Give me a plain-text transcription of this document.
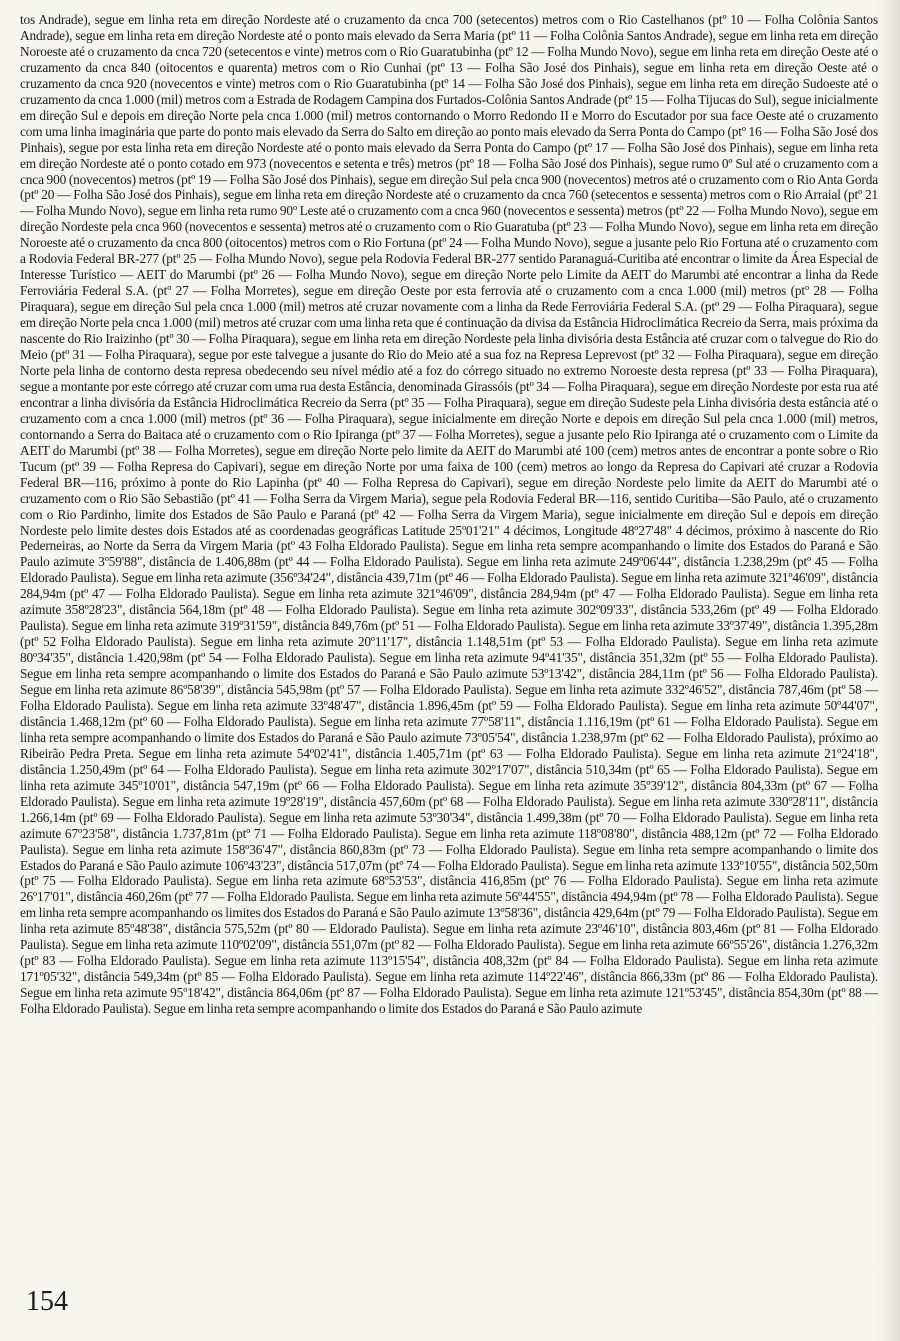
tos Andrade), segue em linha reta em direção Nordeste até o cruzamento da cnca 700 (setecentos) metros com o Rio Castelhanos (ptº 10 — Folha Colônia Santos Andrade), segue em linha reta em direção Nordeste até o ponto mais elevado da Serra Maria (ptº 11 — Folha Colônia Santos Andrade), segue em linha reta em direção Noroeste até o cruzamento da cnca 720 (setecentos e vinte) metros com o Rio Guaratubinha (ptº 12 — Folha Mundo Novo), segue em linha reta em direção Oeste até o cruzamento da cnca 840 (oitocentos e quarenta) metros com o Rio Cunhai (ptº 13 — Folha São José dos Pinhais), segue em linha reta em direção Oeste até o cruzamento da cnca 920 (novecentos e vinte) metros com o Rio Guaratubinha (ptº 14 — Folha São José dos Pinhais), segue em linha reta em direção Sudoeste até o cruzamento da cnca 1.000 (mil) metros com a Estrada de Rodagem Campina dos Furtados-Colônia Santos Andrade (ptº 15 — Folha Tijucas do Sul), segue inicialmente em direção Sul e depois em direção Norte pela cnca 1.000 (mil) metros contornando o Morro Redondo II e Morro do Escutador por sua face Oeste até o cruzamento com uma linha imaginária que parte do ponto mais elevado da Serra do Salto em direção ao ponto mais elevado da Serra Ponta do Campo (ptº 16 — Folha São José dos Pinhais), segue por esta linha reta em direção Nordeste até o ponto mais elevado da Serra Ponta do Campo (ptº 17 — Folha São José dos Pinhais), segue em linha reta em direção Nordeste até o ponto cotado em 973 (novecentos e setenta e três) metros (ptº 18 — Folha São José dos Pinhais), segue rumo 0º Sul até o cruzamento com a cnca 900 (novecentos) metros (ptº 19 — Folha São José dos Pinhais), segue em direção Sul pela cnca 900 (novecentos) metros até o cruzamento com o Rio Anta Gorda (ptº 20 — Folha São José dos Pinhais), segue em linha reta em direção Nordeste até o cruzamento da cnca 760 (setecentos e sessenta) metros com o Rio Arraial (ptº 21 — Folha Mundo Novo), segue em linha reta rumo 90º Leste até o cruzamento com a cnca 960 (novecentos e sessenta) metros (ptº 22 — Folha Mundo Novo), segue em direção Nordeste pela cnca 960 (novecentos e sessenta) metros até o cruzamento com o Rio Guaratuba (ptº 23 — Folha Mundo Novo), segue em linha reta em direção Noroeste até o cruzamento da cnca 800 (oitocentos) metros com o Rio Fortuna (ptº 24 — Folha Mundo Novo), segue a jusante pelo Rio Fortuna até o cruzamento com a Rodovia Federal BR-277 (ptº 25 — Folha Mundo Novo), segue pela Rodovia Federal BR-277 sentido Paranaguá-Curitiba até encontrar o limite da Área Especial de Interesse Turístico — AEIT do Marumbi (ptº 26 — Folha Mundo Novo), segue em direção Norte pelo Limite da AEIT do Marumbi até encontrar a linha da Rede Ferroviária Federal S.A. (ptº 27 — Folha Morretes), segue em direção Oeste por esta ferrovia até o cruzamento com a cnca 1.000 (mil) metros (ptº 28 — Folha Piraquara), segue em direção Sul pela cnca 1.000 (mil) metros até cruzar novamente com a linha da Rede Ferroviária Federal S.A. (ptº 29 — Folha Piraquara), segue em direção Norte pela cnca 1.000 (mil) metros até cruzar com uma linha reta que é continuação da divisa da Estância Hidroclimática Recreio da Serra, mais próxima da nascente do Rio Iraizinho (ptº 30 — Folha Piraquara), segue em linha reta em direção Nordeste pela linha divisória desta Estância até cruzar com o talvegue do Rio do Meio (ptº 31 — Folha Piraquara), segue por este talvegue a jusante do Rio do Meio até a sua foz na Represa Leprevost (ptº 32 — Folha Piraquara), segue em direção Norte pela linha de contorno desta represa obedecendo seu nível médio até a foz do córrego situado no extremo Noroeste desta represa (ptº 33 — Folha Piraquara), segue a montante por este córrego até cruzar com uma rua desta Estância, denominada Girassóis (ptº 34 — Folha Piraquara), segue em direção Nordeste por esta rua até encontrar a linha divisória da Estância Hidroclimática Recreio da Serra (ptº 35 — Folha Piraquara), segue em direção Sudeste pela Linha divisória desta estância até o cruzamento com a cnca 1.000 (mil) metros (ptº 36 — Folha Piraquara), segue inicialmente em direção Norte e depois em direção Sul pela cnca 1.000 (mil) metros, contornando a Serra do Baitaca até o cruzamento com o Rio Ipiranga (ptº 37 — Folha Morretes), segue a jusante pelo Rio Ipiranga até o cruzamento com o Limite da AEIT do Marumbi (ptº 38 — Folha Morretes), segue em direção Norte pelo limite da AEIT do Marumbi até 100 (cem) metros antes de encontrar a ponte sobre o Rio Tucum (ptº 39 — Folha Represa do Capivari), segue em direção Norte por uma faixa de 100 (cem) metros ao longo da Represa do Capivari até cruzar a Rodovia Federal BR—116, próximo à ponte do Rio Lapinha (ptº 40 — Folha Represa do Capivari), segue em direção Nordeste pelo limite da AEIT do Marumbi até o cruzamento com o Rio São Sebastião (ptº 41 — Folha Serra da Virgem Maria), segue pela Rodovia Federal BR—116, sentido Curitiba—São Paulo, até o cruzamento com o Rio Pardinho, limite dos Estados de São Paulo e Paraná (ptº 42 — Folha Serra da Virgem Maria), segue inicialmente em direção Sul e depois em direção Nordeste pelo limite destes dois Estados até as coordenadas geográficas Latitude 25º01'21" 4 décimos, Longitude 48º27'48" 4 décimos, próximo à nascente do Rio Pederneiras, ao Norte da Serra da Virgem Maria (ptº 43 Folha Eldorado Paulista). Segue em linha reta sempre acompanhando o limite dos Estados do Paraná e São Paulo azimute 3º59'88", distância de 1.406,88m (ptº 44 — Folha Eldorado Paulista). Segue em linha reta azimute 249º06'44", distância 1.238,29m (ptº 45 — Folha Eldorado Paulista). Segue em linha reta azimute (356º34'24", distância 439,71m (ptº 46 — Folha Eldorado Paulista). Segue em linha reta azimute 321º46'09", distância 284,94m (ptº 47 — Folha Eldorado Paulista). Segue em linha reta azimute 321º46'09", distância 284,94m (ptº 47 — Folha Eldorado Paulista). Segue em linha reta azimute 358º28'23", distância 564,18m (ptº 48 — Folha Eldorado Paulista). Segue em linha reta azimute 302º09'33", distância 533,26m (ptº 49 — Folha Eldorado Paulista). Segue em linha reta azimute 319º31'59", distância 849,76m (ptº 51 — Folha Eldorado Paulista). Segue em linha reta azimute 33º37'49", distância 1.395,28m (ptº 52 Folha Eldorado Paulista). Segue em linha reta azimute 20º11'17", distância 1.148,51m (ptº 53 — Folha Eldorado Paulista). Segue em linha reta azimute 80º34'35", distância 1.420,98m (ptº 54 — Folha Eldorado Paulista). Segue em linha reta azimute 94º41'35", distância 351,32m (ptº 55 — Folha Eldorado Paulista). Segue em linha reta sempre acompanhando o limite dos Estados do Paraná e São Paulo azimute 53º13'42", distância 284,11m (ptº 56 — Folha Eldorado Paulista). Segue em linha reta azimute 86º58'39", distância 545,98m (ptº 57 — Folha Eldorado Paulista). Segue em linha reta azimute 332º46'52", distância 787,46m (ptº 58 — Folha Eldorado Paulista). Segue em linha reta azimute 33º48'47", distância 1.896,45m (ptº 59 — Folha Eldorado Paulista). Segue em linha reta azimute 50º44'07", distância 1.468,12m (ptº 60 — Folha Eldorado Paulista). Segue em linha reta azimute 77º58'11", distância 1.116,19m (ptº 61 — Folha Eldorado Paulista). Segue em linha reta sempre acompanhando o limite dos Estados do Paraná e São Paulo azimute 73º05'54", distância 1.238,97m (ptº 62 — Folha Eldorado Paulista), próximo ao Ribeirão Pedra Preta. Segue em linha reta azimute 54º02'41", distância 1.405,71m (ptº 63 — Folha Eldorado Paulista). Segue em linha reta azimute 21º24'18", distância 1.250,49m (ptº 64 — Folha Eldorado Paulista). Segue em linha reta azimute 302º17'07", distância 510,34m (ptº 65 — Folha Eldorado Paulista). Segue em linha reta azimute 345º10'01", distância 547,19m (ptº 66 — Folha Eldorado Paulista). Segue em linha reta azimute 35º39'12", distância 804,33m (ptº 67 — Folha Eldorado Paulista). Segue em linha reta azimute 19º28'19", distância 457,60m (ptº 68 — Folha Eldorado Paulista). Segue em linha reta azimute 330º28'11", distância 1.266,14m (ptº 69 — Folha Eldorado Paulista). Segue em linha reta azimute 53º30'34", distância 1.499,38m (ptº 70 — Folha Eldorado Paulista). Segue em linha reta azimute 67º23'58", distância 1.737,81m (ptº 71 — Folha Eldorado Paulista). Segue em linha reta azimute 118º08'80", distância 488,12m (ptº 72 — Folha Eldorado Paulista). Segue em linha reta azimute 158º36'47", distância 860,83m (ptº 73 — Folha Eldorado Paulista). Segue em linha reta sempre acompanhando o limite dos Estados do Paraná e São Paulo azimute 106º43'23", distância 517,07m (ptº 74 — Folha Eldorado Paulista). Segue em linha reta azimute 133º10'55", distância 502,50m (ptº 75 — Folha Eldorado Paulista). Segue em linha reta azimute 68º53'53", distância 416,85m (ptº 76 — Folha Eldorado Paulista). Segue em linha reta azimute 26º17'01", distância 460,26m (ptº 77 — Folha Eldorado Paulista. Segue em linha reta azimute 56º44'55", distância 494,94m (ptº 78 — Folha Eldorado Paulista). Segue em linha reta sempre acompanhando os limites dos Estados do Paraná e São Paulo azimute 13º58'36", distância 429,64m (ptº 79 — Folha Eldorado Paulista). Segue em linha reta azimute 85º48'38", distância 575,52m (ptº 80 — Eldorado Paulista). Segue em linha reta azimute 23º46'10", distância 803,46m (ptº 81 — Folha Eldorado Paulista). Segue em linha reta azimute 110º02'09", distância 551,07m (ptº 82 — Folha Eldorado Paulista). Segue em linha reta azimute 66º55'26", distância 1.276,32m (ptº 83 — Folha Eldorado Paulista). Segue em linha reta azimute 113º15'54", distância 408,32m (ptº 84 — Folha Eldorado Paulista). Segue em linha reta azimute 171º05'32", distância 549,34m (ptº 85 — Folha Eldorado Paulista). Segue em linha reta azimute 114º22'46", distância 866,33m (ptº 86 — Folha Eldorado Paulista). Segue em linha reta azimute 95º18'42", distância 864,06m (ptº 87 — Folha Eldorado Paulista). Segue em linha reta azimute 121º53'45", distância 854,30m (ptº 88 — Folha Eldorado Paulista). Segue em linha reta sempre acompanhando o limite dos Estados do Paraná e São Paulo azimute

154
